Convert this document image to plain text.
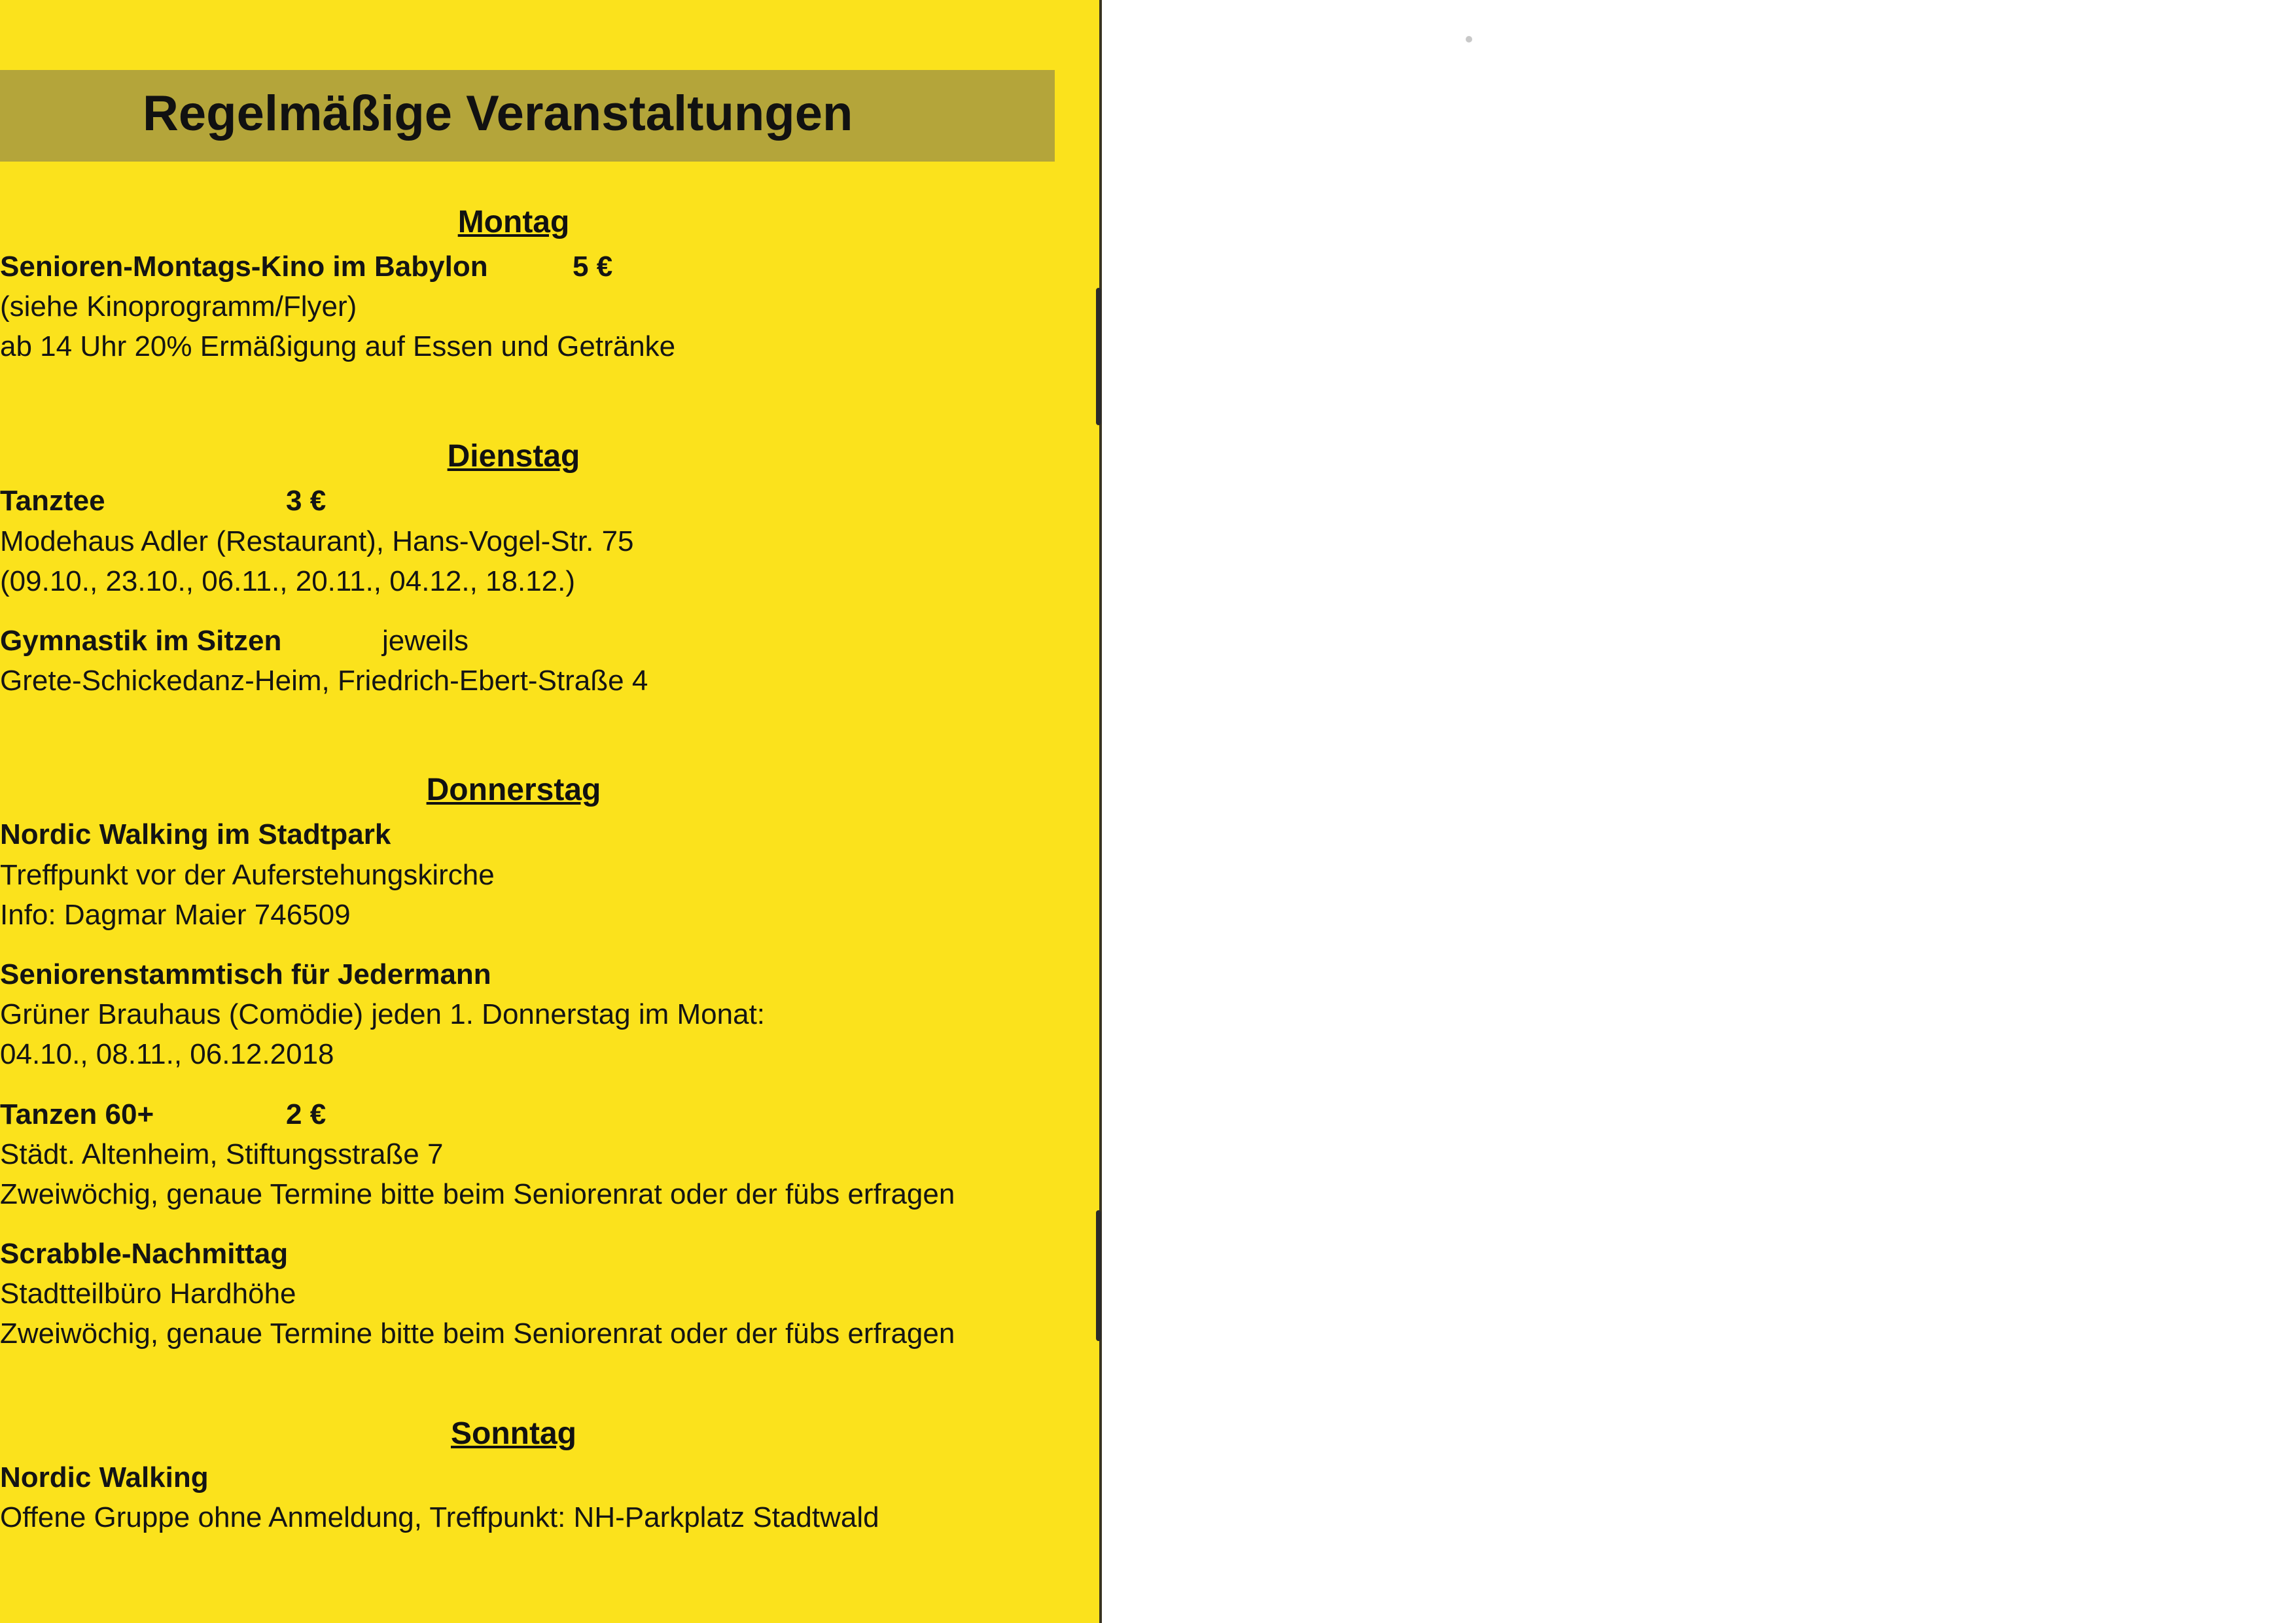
Regelmäßige Veranstaltungen
Montag
Senioren-Montags-Kino im Babylon	5 €
(siehe Kinoprogramm/Flyer)
ab 14 Uhr 20% Ermäßigung auf Essen und Getränke
Dienstag
Tanztee	3 €
Modehaus Adler (Restaurant), Hans-Vogel-Str. 75
(09.10., 23.10., 06.11., 20.11., 04.12., 18.12.)
Gymnastik im Sitzen	jeweils
Grete-Schickedanz-Heim, Friedrich-Ebert-Straße 4
Donnerstag
Nordic Walking im Stadtpark
Treffpunkt vor der Auferstehungskirche
Info: Dagmar Maier 746509
Seniorenstammtisch für Jedermann
Grüner Brauhaus (Comödie) jeden 1. Donnerstag im Monat:
04.10., 08.11., 06.12.2018
Tanzen 60+	2 €
Städt. Altenheim, Stiftungsstraße 7
Zweiwöchig, genaue Termine bitte beim Seniorenrat oder der fübs erfragen
Scrabble-Nachmittag
Stadtteilbüro Hardhöhe
Zweiwöchig, genaue Termine bitte beim Seniorenrat oder der fübs erfragen
Sonntag
Nordic Walking
Offene Gruppe ohne Anmeldung, Treffpunkt: NH-Parkplatz Stadtwald
